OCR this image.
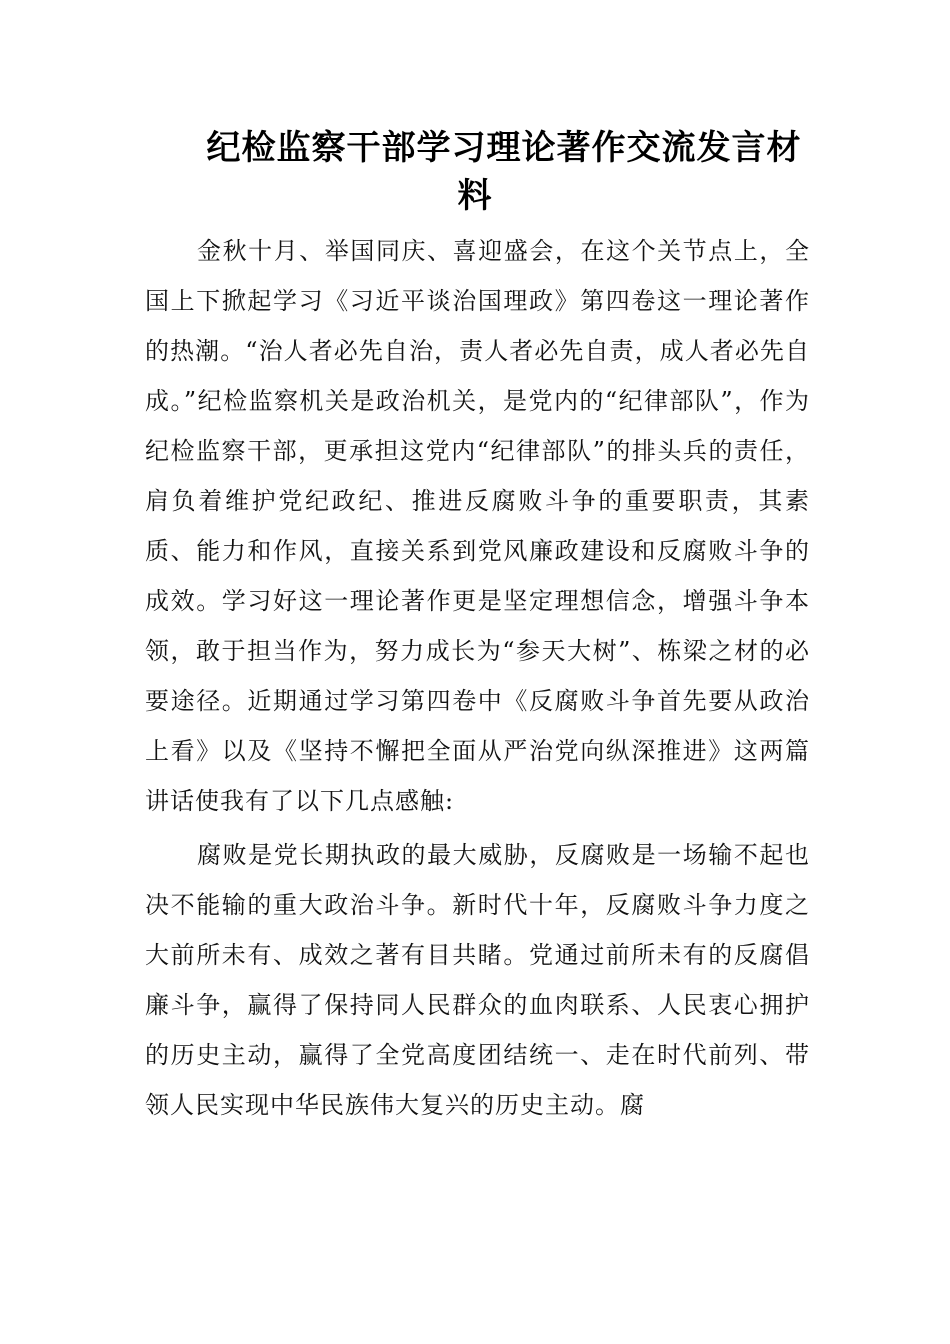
纪检监察干部学习理论著作交流发言材
料

金秋十月、举国同庆、喜迎盛会，在这个关节点上，全国上下掀起学习《习近平谈治国理政》第四卷这一理论著作的热潮。“治人者必先自治，责人者必先自责，成人者必先自成。”纪检监察机关是政治机关，是党内的“纪律部队”，作为纪检监察干部，更承担这党内“纪律部队”的排头兵的责任，肩负着维护党纪政纪、推进反腐败斗争的重要职责，其素质、能力和作风，直接关系到党风廉政建设和反腐败斗争的成效。学习好这一理论著作更是坚定理想信念，增强斗争本领，敢于担当作为，努力成长为“参天大树”、栋梁之材的必要途径。近期通过学习第四卷中《反腐败斗争首先要从政治上看》以及《坚持不懈把全面从严治党向纵深推进》这两篇讲话使我有了以下几点感触:

腐败是党长期执政的最大威胁，反腐败是一场输不起也决不能输的重大政治斗争。新时代十年，反腐败斗争力度之大前所未有、成效之著有目共睹。党通过前所未有的反腐倡廉斗争，赢得了保持同人民群众的血肉联系、人民衷心拥护的历史主动，赢得了全党高度团结统一、走在时代前列、带领人民实现中华民族伟大复兴的历史主动。腐
